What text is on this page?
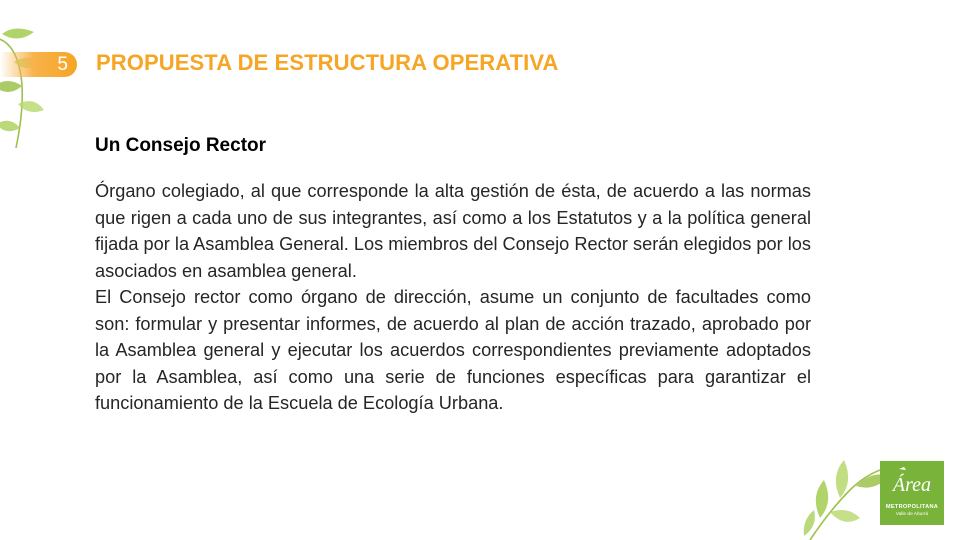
5 PROPUESTA DE ESTRUCTURA OPERATIVA
Un Consejo Rector

Órgano colegiado, al que corresponde la alta gestión de ésta, de acuerdo a las normas que rigen a cada uno de sus integrantes, así como a los Estatutos y a la política general fijada por la Asamblea General. Los miembros del Consejo Rector serán elegidos por los asociados en asamblea general.

El Consejo rector como órgano de dirección, asume un conjunto de facultades como son: formular y presentar informes, de acuerdo al plan de acción trazado, aprobado por la Asamblea general y ejecutar los acuerdos correspondientes previamente adoptados por la Asamblea, así como una serie de funciones específicas para garantizar el funcionamiento de la Escuela de Ecología Urbana.

Área
METROPOLITANA
Valle de Aburrá
